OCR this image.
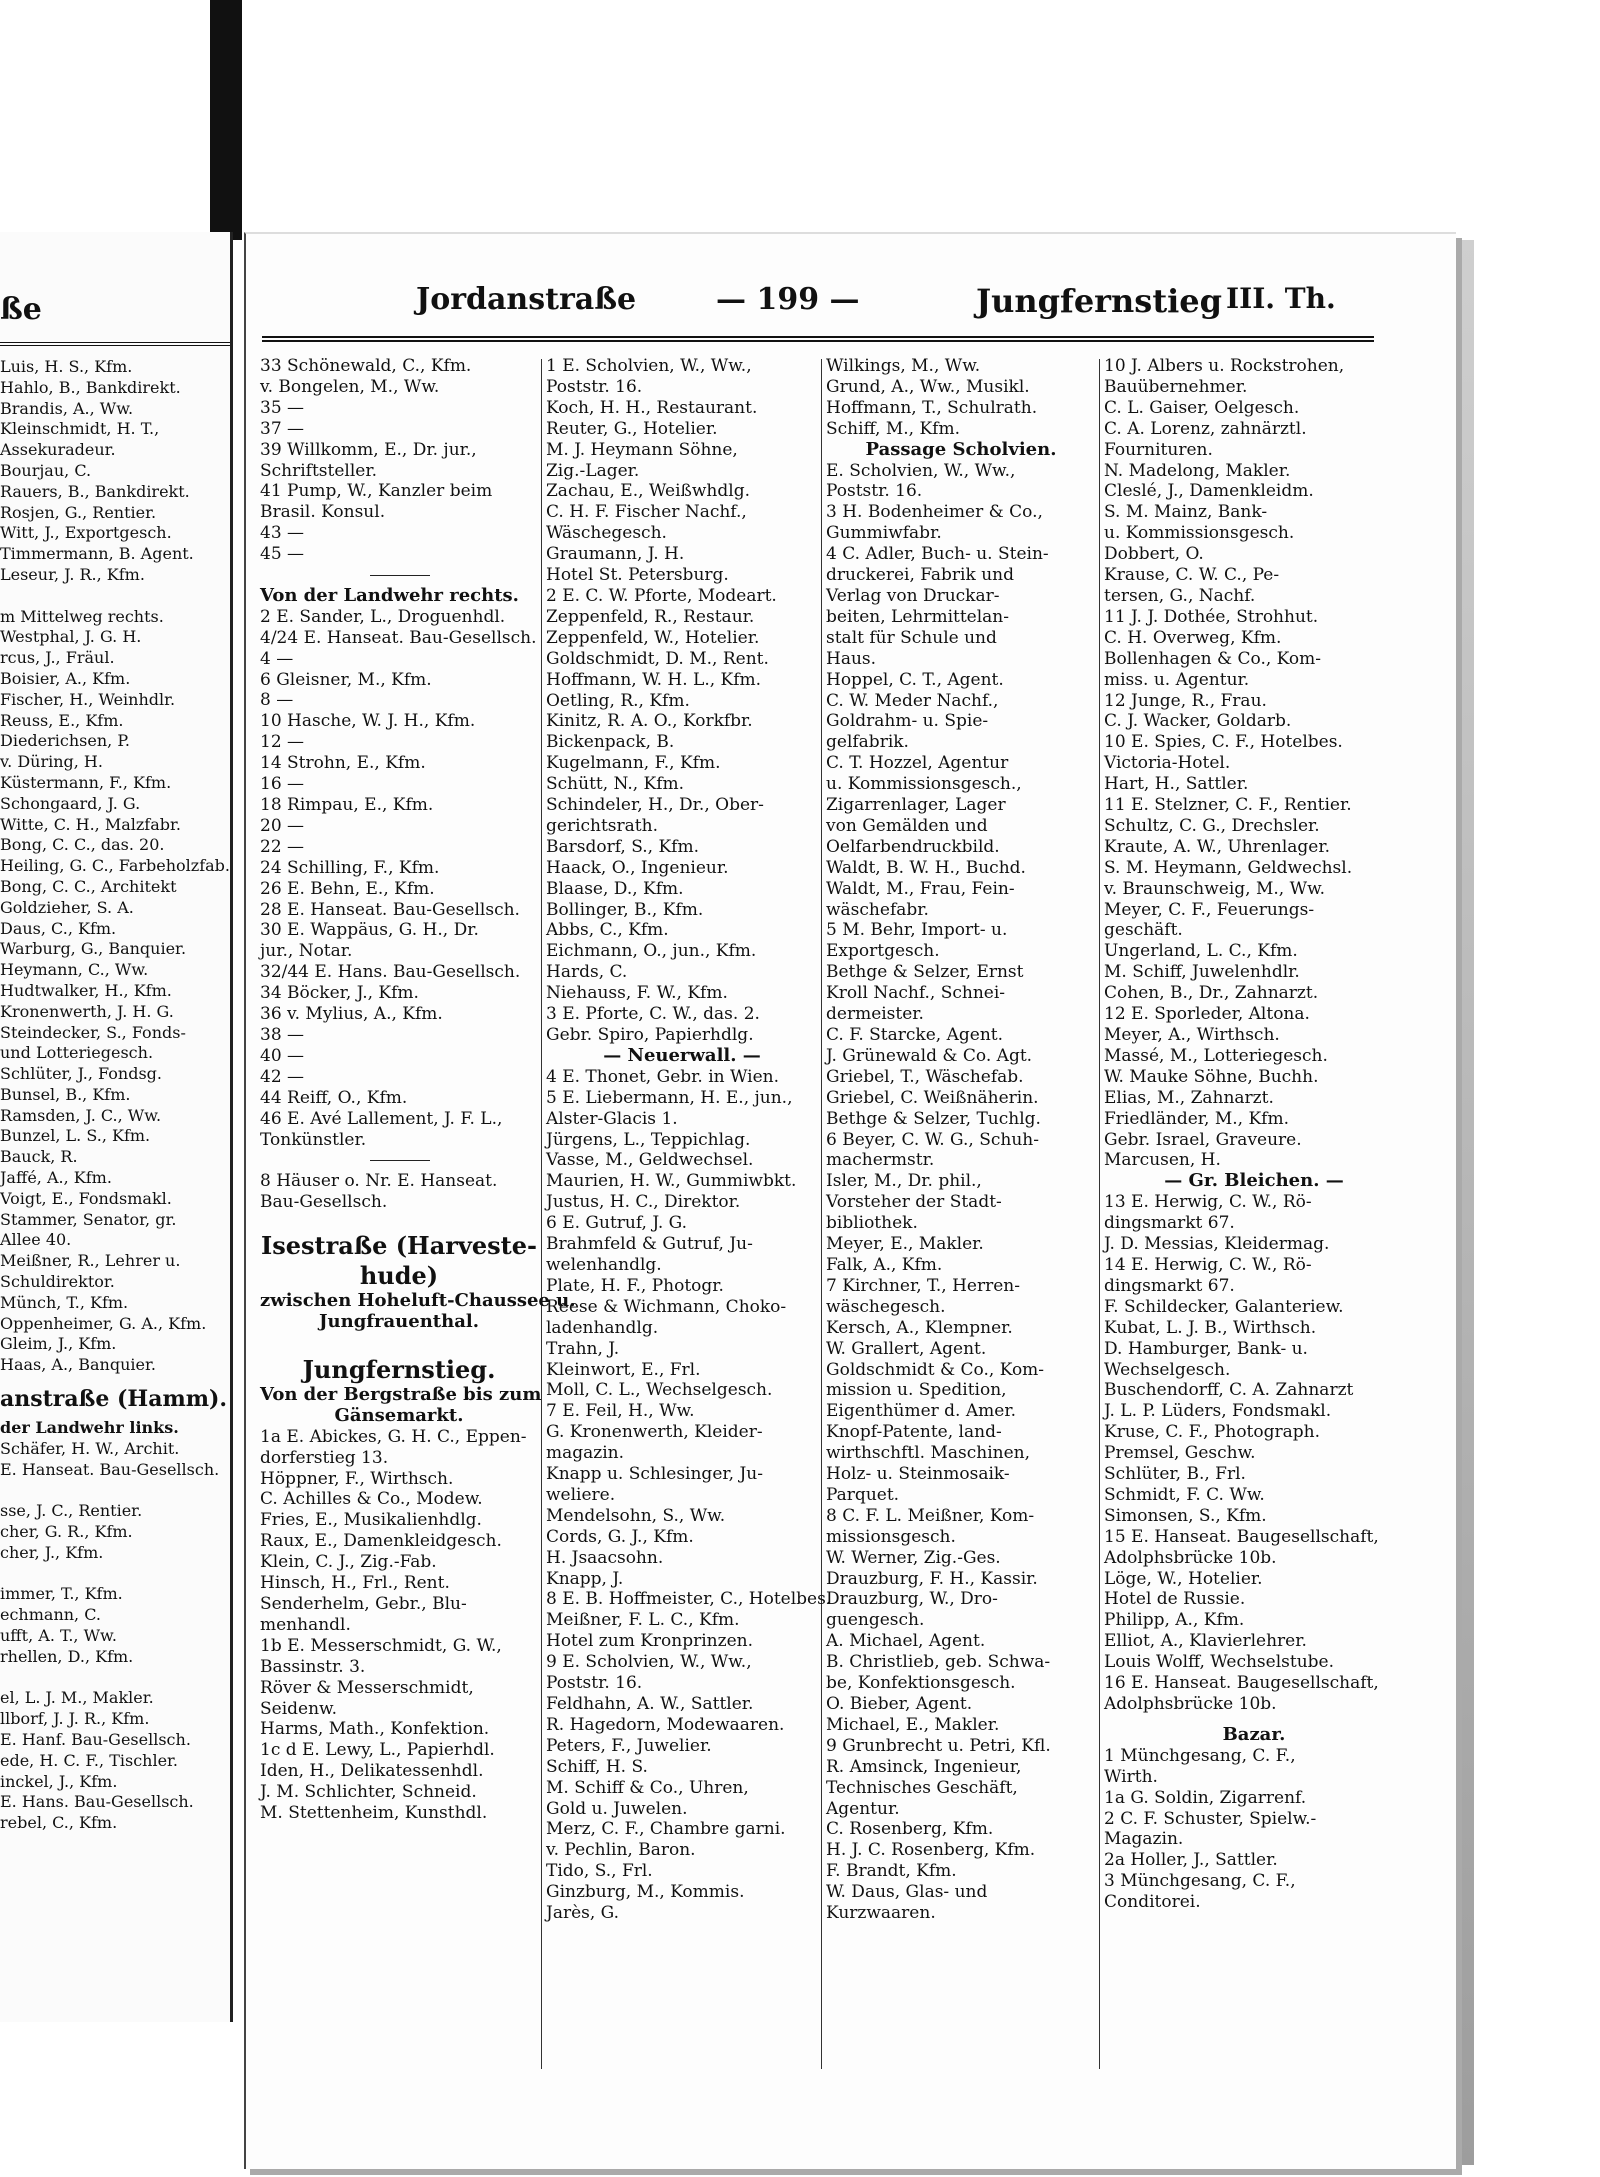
ße
Luis, H. S., Kfm.
Hahlo, B., Bankdirekt.
Brandis, A., Ww.
Kleinschmidt, H. T.,
Assekuradeur.
Bourjau, C.
Rauers, B., Bankdirekt.
Rosjen, G., Rentier.
Witt, J., Exportgesch.
Timmermann, B. Agent.
Leseur, J. R., Kfm.
m Mittelweg rechts.
Westphal, J. G. H.
rcus, J., Fräul.
Boisier, A., Kfm.
Fischer, H., Weinhdlr.
Reuss, E., Kfm.
Diederichsen, P.
v. Düring, H.
Küstermann, F., Kfm.
Schongaard, J. G.
Witte, C. H., Malzfabr.
Bong, C. C., das. 20.
Heiling, G. C., Farbeholzfab.
Bong, C. C., Architekt
Goldzieher, S. A.
Daus, C., Kfm.
Warburg, G., Banquier.
Heymann, C., Ww.
Hudtwalker, H., Kfm.
Kronenwerth, J. H. G.
Steindecker, S., Fonds-
und Lotteriegesch.
Schlüter, J., Fondsg.
Bunsel, B., Kfm.
Ramsden, J. C., Ww.
Bunzel, L. S., Kfm.
Bauck, R.
Jaffé, A., Kfm.
Voigt, E., Fondsmakl.
Stammer, Senator, gr.
Allee 40.
Meißner, R., Lehrer u.
Schuldirektor.
Münch, T., Kfm.
Oppenheimer, G. A., Kfm.
Gleim, J., Kfm.
Haas, A., Banquier.
anstraße (Hamm).
der Landwehr links.
Schäfer, H. W., Archit.
E. Hanseat. Bau-Gesellsch.
sse, J. C., Rentier.
cher, G. R., Kfm.
cher, J., Kfm.
immer, T., Kfm.
echmann, C.
ufft, A. T., Ww.
rhellen, D., Kfm.
el, L. J. M., Makler.
llborf, J. J. R., Kfm.
E. Hanf. Bau-Gesellsch.
ede, H. C. F., Tischler.
inckel, J., Kfm.
E. Hans. Bau-Gesellsch.
rebel, C., Kfm.
Jordanstraße	— 199 —	Jungfernstieg III. Th.
33 Schönewald, C., Kfm.
v. Bongelen, M., Ww.
35 —
37 —
39 Willkomm, E., Dr. jur.,
Schriftsteller.
41 Pump, W., Kanzler beim
Brasil. Konsul.
43 —
45 —
Von der Landwehr rechts.
2 E. Sander, L., Droguenhdl.
4/24 E. Hanseat. Bau-Gesellsch.
4 —
6 Gleisner, M., Kfm.
8 —
10 Hasche, W. J. H., Kfm.
12 —
14 Strohn, E., Kfm.
16 —
18 Rimpau, E., Kfm.
20 —
22 —
24 Schilling, F., Kfm.
26 E. Behn, E., Kfm.
28 E. Hanseat. Bau-Gesellsch.
30 E. Wappäus, G. H., Dr.
jur., Notar.
32/44 E. Hans. Bau-Gesellsch.
34 Böcker, J., Kfm.
36 v. Mylius, A., Kfm.
38 —
40 —
42 —
44 Reiff, O., Kfm.
46 E. Avé Lallement, J. F. L.,
Tonkünstler.
8 Häuser o. Nr. E. Hanseat.
Bau-Gesellsch.
Isestraße (Harveste-
hude)
zwischen Hoheluft-Chaussee u.
Jungfrauenthal.
Jungfernstieg.
Von der Bergstraße bis zum
Gänsemarkt.
1a E. Abickes, G. H. C., Eppen-
dorferstieg 13.
Höppner, F., Wirthsch.
C. Achilles & Co., Modew.
Fries, E., Musikalienhdlg.
Raux, E., Damenkleidgesch.
Klein, C. J., Zig.-Fab.
Hinsch, H., Frl., Rent.
Senderhelm, Gebr., Blu-
menhandl.
1b E. Messerschmidt, G. W.,
Bassinstr. 3.
Röver & Messerschmidt,
Seidenw.
Harms, Math., Konfektion.
1c d E. Lewy, L., Papierhdl.
Iden, H., Delikatessenhdl.
J. M. Schlichter, Schneid.
M. Stettenheim, Kunsthdl.
1 E. Scholvien, W., Ww.,
Poststr. 16.
Koch, H. H., Restaurant.
Reuter, G., Hotelier.
M. J. Heymann Söhne,
Zig.-Lager.
Zachau, E., Weißwhdlg.
C. H. F. Fischer Nachf.,
Wäschegesch.
Graumann, J. H.
Hotel St. Petersburg.
2 E. C. W. Pforte, Modeart.
Zeppenfeld, R., Restaur.
Zeppenfeld, W., Hotelier.
Goldschmidt, D. M., Rent.
Hoffmann, W. H. L., Kfm.
Oetling, R., Kfm.
Kinitz, R. A. O., Korkfbr.
Bickenpack, B.
Kugelmann, F., Kfm.
Schütt, N., Kfm.
Schindeler, H., Dr., Ober-
gerichtsrath.
Barsdorf, S., Kfm.
Haack, O., Ingenieur.
Blaase, D., Kfm.
Bollinger, B., Kfm.
Abbs, C., Kfm.
Eichmann, O., jun., Kfm.
Hards, C.
Niehauss, F. W., Kfm.
3 E. Pforte, C. W., das. 2.
Gebr. Spiro, Papierhdlg.
— Neuerwall. —
4 E. Thonet, Gebr. in Wien.
5 E. Liebermann, H. E., jun.,
Alster-Glacis 1.
Jürgens, L., Teppichlag.
Vasse, M., Geldwechsel.
Maurien, H. W., Gummiwbkt.
Justus, H. C., Direktor.
6 E. Gutruf, J. G.
Brahmfeld & Gutruf, Ju-
welenhandlg.
Plate, H. F., Photogr.
Reese & Wichmann, Choko-
ladenhandlg.
Trahn, J.
Kleinwort, E., Frl.
Moll, C. L., Wechselgesch.
7 E. Feil, H., Ww.
G. Kronenwerth, Kleider-
magazin.
Knapp u. Schlesinger, Ju-
weliere.
Mendelsohn, S., Ww.
Cords, G. J., Kfm.
H. Jsaacsohn.
Knapp, J.
8 E. B. Hoffmeister, C., Hotelbes.
Meißner, F. L. C., Kfm.
Hotel zum Kronprinzen.
9 E. Scholvien, W., Ww.,
Poststr. 16.
Feldhahn, A. W., Sattler.
R. Hagedorn, Modewaaren.
Peters, F., Juwelier.
Schiff, H. S.
M. Schiff & Co., Uhren,
Gold u. Juwelen.
Merz, C. F., Chambre garni.
v. Pechlin, Baron.
Tido, S., Frl.
Ginzburg, M., Kommis.
Jarès, G.
Wilkings, M., Ww.
Grund, A., Ww., Musikl.
Hoffmann, T., Schulrath.
Schiff, M., Kfm.
Passage Scholvien.
E. Scholvien, W., Ww.,
Poststr. 16.
3 H. Bodenheimer & Co.,
Gummiwfabr.
4 C. Adler, Buch- u. Stein-
druckerei, Fabrik und
Verlag von Druckar-
beiten, Lehrmittelan-
stalt für Schule und
Haus.
Hoppel, C. T., Agent.
C. W. Meder Nachf.,
Goldrahm- u. Spie-
gelfabrik.
C. T. Hozzel, Agentur
u. Kommissionsgesch.,
Zigarrenlager, Lager
von Gemälden und
Oelfarbendruckbild.
Waldt, B. W. H., Buchd.
Waldt, M., Frau, Fein-
wäschefabr.
5 M. Behr, Import- u.
Exportgesch.
Bethge & Selzer, Ernst
Kroll Nachf., Schnei-
dermeister.
C. F. Starcke, Agent.
J. Grünewald & Co. Agt.
Griebel, T., Wäschefab.
Griebel, C. Weißnäherin.
Bethge & Selzer, Tuchlg.
6 Beyer, C. W. G., Schuh-
machermstr.
Isler, M., Dr. phil.,
Vorsteher der Stadt-
bibliothek.
Meyer, E., Makler.
Falk, A., Kfm.
7 Kirchner, T., Herren-
wäschegesch.
Kersch, A., Klempner.
W. Grallert, Agent.
Goldschmidt & Co., Kom-
mission u. Spedition,
Eigenthümer d. Amer.
Knopf-Patente, land-
wirthschftl. Maschinen,
Holz- u. Steinmosaik-
Parquet.
8 C. F. L. Meißner, Kom-
missionsgesch.
W. Werner, Zig.-Ges.
Drauzburg, F. H., Kassir.
Drauzburg, W., Dro-
guengesch.
A. Michael, Agent.
B. Christlieb, geb. Schwa-
be, Konfektionsgesch.
O. Bieber, Agent.
Michael, E., Makler.
9 Grunbrecht u. Petri, Kfl.
R. Amsinck, Ingenieur,
Technisches Geschäft,
Agentur.
C. Rosenberg, Kfm.
H. J. C. Rosenberg, Kfm.
F. Brandt, Kfm.
W. Daus, Glas- und
Kurzwaaren.
10 J. Albers u. Rockstrohen,
Bauübernehmer.
C. L. Gaiser, Oelgesch.
C. A. Lorenz, zahnärztl.
Fournituren.
N. Madelong, Makler.
Cleslé, J., Damenkleidm.
S. M. Mainz, Bank-
u. Kommissionsgesch.
Dobbert, O.
Krause, C. W. C., Pe-
tersen, G., Nachf.
11 J. J. Dothée, Strohhut.
C. H. Overweg, Kfm.
Bollenhagen & Co., Kom-
miss. u. Agentur.
12 Junge, R., Frau.
C. J. Wacker, Goldarb.
10 E. Spies, C. F., Hotelbes.
Victoria-Hotel.
Hart, H., Sattler.
11 E. Stelzner, C. F., Rentier.
Schultz, C. G., Drechsler.
Kraute, A. W., Uhrenlager.
S. M. Heymann, Geldwechsl.
v. Braunschweig, M., Ww.
Meyer, C. F., Feuerungs-
geschäft.
Ungerland, L. C., Kfm.
M. Schiff, Juwelenhdlr.
Cohen, B., Dr., Zahnarzt.
12 E. Sporleder, Altona.
Meyer, A., Wirthsch.
Massé, M., Lotteriegesch.
W. Mauke Söhne, Buchh.
Elias, M., Zahnarzt.
Friedländer, M., Kfm.
Gebr. Israel, Graveure.
Marcusen, H.
— Gr. Bleichen. —
13 E. Herwig, C. W., Rö-
dingsmarkt 67.
J. D. Messias, Kleidermag.
14 E. Herwig, C. W., Rö-
dingsmarkt 67.
F. Schildecker, Galanteriew.
Kubat, L. J. B., Wirthsch.
D. Hamburger, Bank- u.
Wechselgesch.
Buschendorff, C. A. Zahnarzt
J. L. P. Lüders, Fondsmakl.
Kruse, C. F., Photograph.
Premsel, Geschw.
Schlüter, B., Frl.
Schmidt, F. C. Ww.
Simonsen, S., Kfm.
15 E. Hanseat. Baugesellschaft,
Adolphsbrücke 10b.
Löge, W., Hotelier.
Hotel de Russie.
Philipp, A., Kfm.
Elliot, A., Klavierlehrer.
Louis Wolff, Wechselstube.
16 E. Hanseat. Baugesellschaft,
Adolphsbrücke 10b.
Bazar.
1 Münchgesang, C. F.,
Wirth.
1a G. Soldin, Zigarrenf.
2 C. F. Schuster, Spielw.-
Magazin.
2a Holler, J., Sattler.
3 Münchgesang, C. F.,
Conditorei.
